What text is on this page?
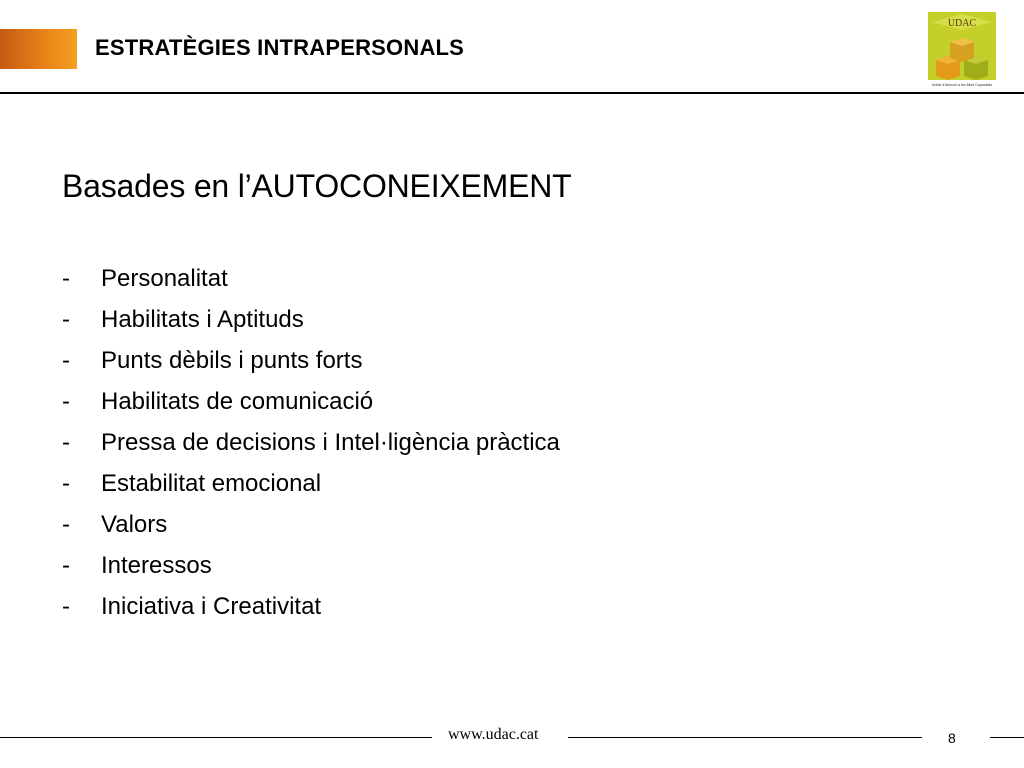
ESTRATÈGIES INTRAPERSONALS
UDAC
Unitat d'Atenció a les Altes Capacitats
Basades en l’AUTOCONEIXEMENT
- Personalitat
- Habilitats i Aptituds
- Punts dèbils i punts forts
- Habilitats de comunicació
- Pressa de decisions i Intel·ligència pràctica
- Estabilitat emocional
- Valors
- Interessos
- Iniciativa i Creativitat
www.udac.cat	8
